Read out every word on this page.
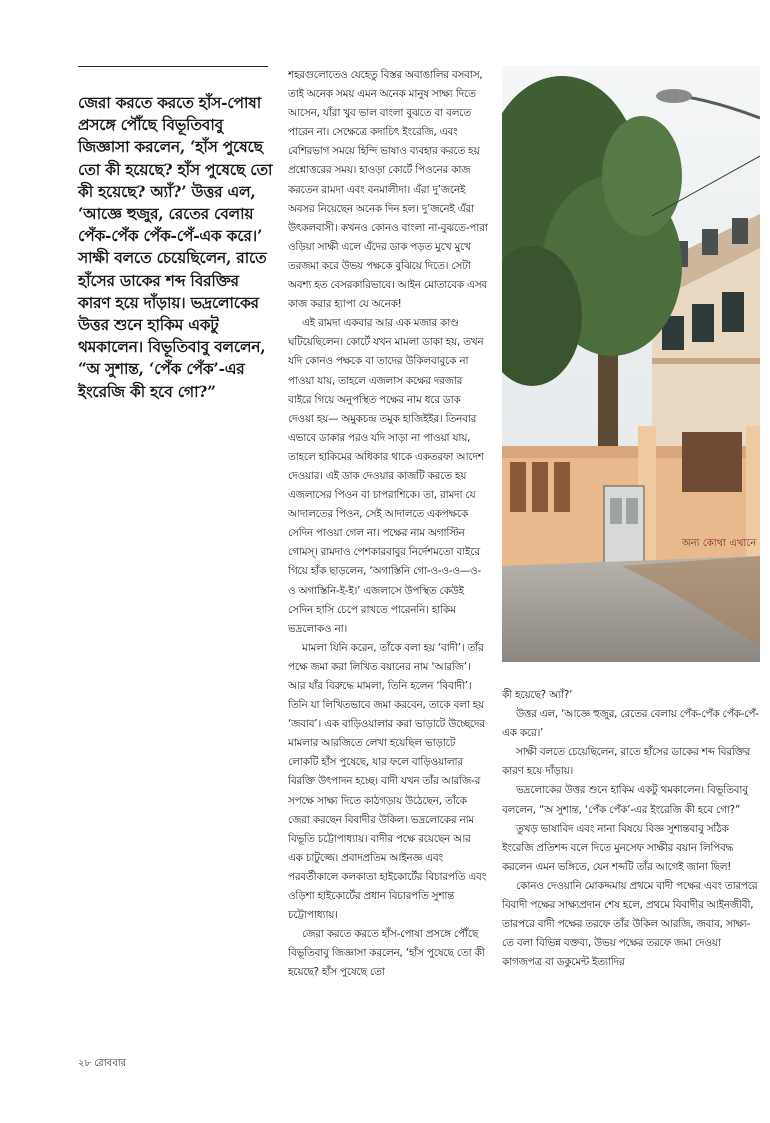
জেরা করতে করতে হাঁস-পোষা প্রসঙ্গে পৌঁছে বিভূতিবাবু জিজ্ঞাসা করলেন, ‘হাঁস পুষেছে তো কী হয়েছে? হাঁস পুষেছে তো কী হয়েছে? অ্যাঁ?’ উত্তর এল, ‘আজ্ঞে হুজুর, রেতের বেলায় পেঁক-পেঁক পেঁক-পেঁ-এক করে।’ সাক্ষী বলতে চেয়েছিলেন, রাতে হাঁসের ডাকের শব্দ বিরক্তির কারণ হয়ে দাঁড়ায়। ভদ্রলোকের উত্তর শুনে হাকিম একটু থমকালেন। বিভূতিবাবু বললেন, “অ সুশান্ত, ‘পেঁক পেঁক’-এর ইংরেজি কী হবে গো?”

শহরগুলোতেও যেহেতু বিস্তর অবাঙালির বসবাস, তাই অনেক সময় এমন অনেক মানুষ সাক্ষ্য দিতে আসেন, যাঁরা খুব ভাল বাংলা বুঝতে বা বলতে পারেন না। সেক্ষেত্রে কদাচিৎ ইংরেজি, এবং বেশিরভাগ সময়ে হিন্দি ভাষাও ব্যবহার করতে হয় প্রশ্নোত্তরের সময়। হাওড়া কোর্টে পিওনের কাজ করতেন রামদা এবং বনমালীদা। এঁরা দু’জনেই অবসর নিয়েছেন অনেক দিন হল। দু’জনেই এঁরা উৎকলবাসী। কখনও কোনও বাংলা না-বুঝতে-পারা ওড়িয়া সাক্ষী এলে এঁদের ডাক পড়ত মুখে মুখে তরজমা করে উভয় পক্ষকে বুঝিয়ে দিতে। সেটা অবশ্য হত বেসরকারিভাবে। আইন মোতাবেক এসব কাজ করার হ্যাপা যে অনেক!

এই রামদা একবার আর এক মজার কাণ্ড ঘটিয়েছিলেন। কোর্টে যখন মামলা ডাকা হয়, তখন যদি কোনও পক্ষকে বা তাদের উকিলবাবুকে না পাওয়া যায়, তাহলে এজলাস কক্ষের দরজার বাইরে গিয়ে অনুপস্থিত পক্ষের নাম ধরে ডাক দেওয়া হয়— অমুকচন্দ্র তমুক হাজিইইর। তিনবার এভাবে ডাকার পরও যদি সাড়া না পাওয়া যায়, তাহলে হাকিমের অধিকার থাকে একতরফা আদেশ দেওয়ার। এই ডাক দেওয়ার কাজটি করতে হয় এজলাসের পিওন বা চাপরাশিকে। তা, রামদা যে আদালতের পিওন, সেই আদালতে একপক্ষকে সেদিন পাওয়া গেল না। পক্ষের নাম অগাস্টিন গোমস্। রামদাও পেশকারবাবুর নির্দেশমতো বাইরে গিয়ে হাঁক ছাড়লেন, ‘অগাস্তিনি গো-ও-ও-ও—ও-ও অগাস্তিনি-ই-ই।’ এজলাসে উপস্থিত কেউই সেদিন হাসি চেপে রাখতে পারেননি। হাকিম ভদ্রলোকও না।

মামলা যিনি করেন, তাঁকে বলা হয় ‘বাদী’। তাঁর পক্ষে জমা করা লিখিত বয়ানের নাম ‘আরজি’। আর যাঁর বিরুদ্ধে মামলা, তিনি হলেন ‘বিবাদী’। তিনি যা লিখিতভাবে জমা করবেন, তাকে বলা হয় ‘জবাব’। এক বাড়িওয়ালার করা ভাড়াটে উচ্ছেদের মামলার আরজিতে লেখা হয়েছিল ভাড়াটে লোকটি হাঁস পুষেছে, যার ফলে বাড়িওয়ালার বিরক্তি উৎপাদন হচ্ছে। বাদী যখন তাঁর আরজি-র সপক্ষে সাক্ষ্য দিতে কাঠগড়ায় উঠেছেন, তাঁকে জেরা করছেন বিবাদীর উকিল। ভদ্রলোকের নাম বিভূতি চট্টোপাধ্যায়। বাদীর পক্ষে রয়েছেন আর এক চাটুজ্জে। প্রবাদপ্রতিম আইনজ্ঞ এবং পরবর্তীকালে কলকাতা হাইকোর্টের বিচারপতি এবং ওড়িশা হাইকোর্টের প্রধান বিচারপতি সুশান্ত চট্টোপাধ্যায়।

জেরা করতে করতে হাঁস-পোষা প্রসঙ্গে পৌঁছে বিভূতিবাবু জিজ্ঞাসা করলেন, ‘হাঁস পুষেছে তো কী হয়েছে? হাঁস পুষেছে তো

অন্য কোথা এখানে

কী হয়েছে? অ্যাঁ?’

উত্তর এল, ‘আজ্ঞে হুজুর, রেতের বেলায় পেঁক-পেঁক পেঁক-পেঁ-এক করে।’

সাক্ষী বলতে চেয়েছিলেন, রাতে হাঁসের ডাকের শব্দ বিরক্তির কারণ হয়ে দাঁড়ায়।

ভদ্রলোকের উত্তর শুনে হাকিম একটু থমকালেন। বিভূতিবাবু বললেন, “অ সুশান্ত, ‘পেঁক পেঁক’-এর ইংরেজি কী হবে গো?”

তুখড় ভাষাবিদ এবং নানা বিষয়ে বিজ্ঞ সুশান্তবাবু সঠিক ইংরেজি প্রতিশব্দ বলে দিতে মুনসেফ সাক্ষীর বয়ান লিপিবদ্ধ করলেন এমন ভঙ্গিতে, যেন শব্দটি তাঁর আগেই জানা ছিল!

কোনও দেওয়ানি মোকদ্দমায় প্রথমে বাদী পক্ষের এবং তারপরে বিবাদী পক্ষের সাক্ষ্যপ্রদান শেষ হলে, প্রথমে বিবাদীর আইনজীবী, তারপরে বাদী পক্ষের তরফে তাঁর উকিল আরজি, জবাব, সাক্ষ্য-তে বলা বিভিন্ন বক্তব্য, উভয় পক্ষের তরফে জমা দেওয়া কাগজপত্র বা ডকুমেন্ট ইত্যাদির

২৮ রোববার
